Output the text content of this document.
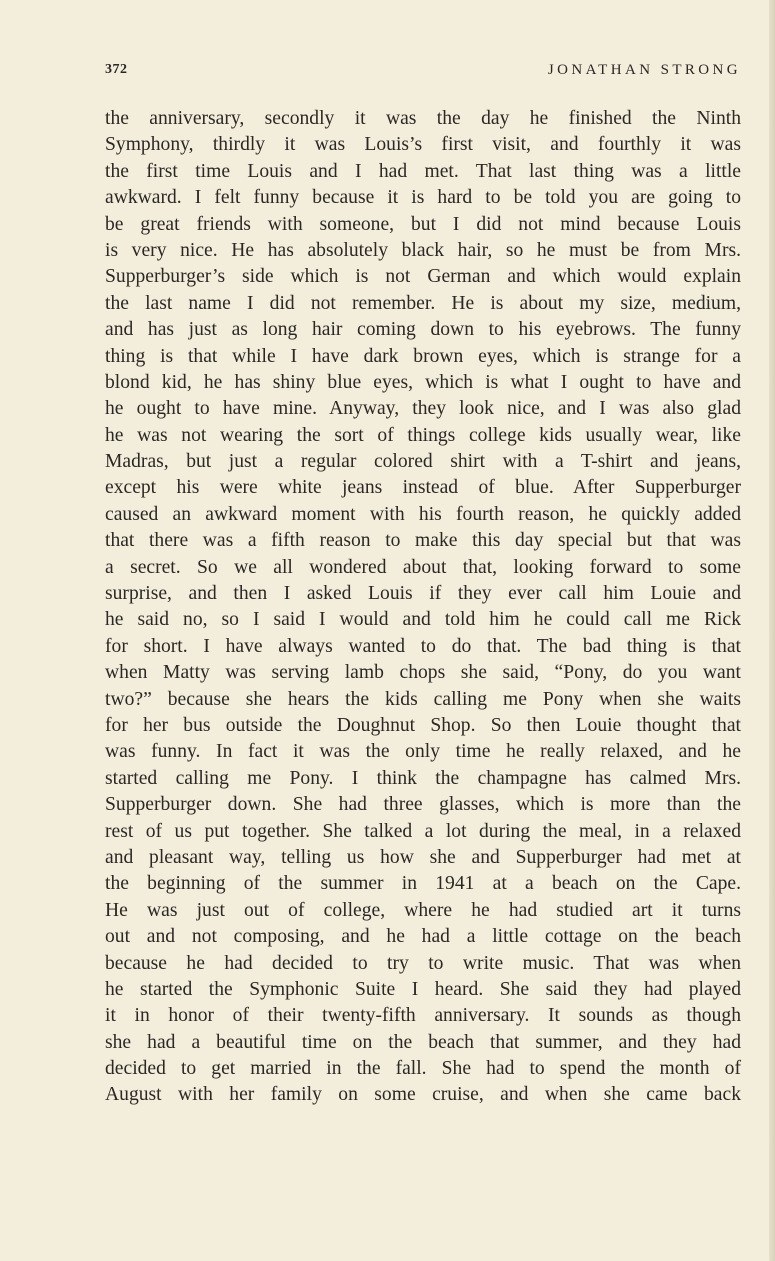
372	JONATHAN STRONG
the anniversary, secondly it was the day he finished the Ninth
Symphony, thirdly it was Louis’s first visit, and fourthly it was
the first time Louis and I had met. That last thing was a little
awkward. I felt funny because it is hard to be told you are going to
be great friends with someone, but I did not mind because Louis
is very nice. He has absolutely black hair, so he must be from Mrs.
Supperburger’s side which is not German and which would explain
the last name I did not remember. He is about my size, medium,
and has just as long hair coming down to his eyebrows. The funny
thing is that while I have dark brown eyes, which is strange for a
blond kid, he has shiny blue eyes, which is what I ought to have and
he ought to have mine. Anyway, they look nice, and I was also glad
he was not wearing the sort of things college kids usually wear, like
Madras, but just a regular colored shirt with a T-shirt and jeans,
except his were white jeans instead of blue. After Supperburger
caused an awkward moment with his fourth reason, he quickly added
that there was a fifth reason to make this day special but that was
a secret. So we all wondered about that, looking forward to some
surprise, and then I asked Louis if they ever call him Louie and
he said no, so I said I would and told him he could call me Rick
for short. I have always wanted to do that. The bad thing is that
when Matty was serving lamb chops she said, “Pony, do you want
two?” because she hears the kids calling me Pony when she waits
for her bus outside the Doughnut Shop. So then Louie thought that
was funny. In fact it was the only time he really relaxed, and he
started calling me Pony. I think the champagne has calmed Mrs.
Supperburger down. She had three glasses, which is more than the
rest of us put together. She talked a lot during the meal, in a relaxed
and pleasant way, telling us how she and Supperburger had met at
the beginning of the summer in 1941 at a beach on the Cape.
He was just out of college, where he had studied art it turns
out and not composing, and he had a little cottage on the beach
because he had decided to try to write music. That was when
he started the Symphonic Suite I heard. She said they had played
it in honor of their twenty-fifth anniversary. It sounds as though
she had a beautiful time on the beach that summer, and they had
decided to get married in the fall. She had to spend the month of
August with her family on some cruise, and when she came back
